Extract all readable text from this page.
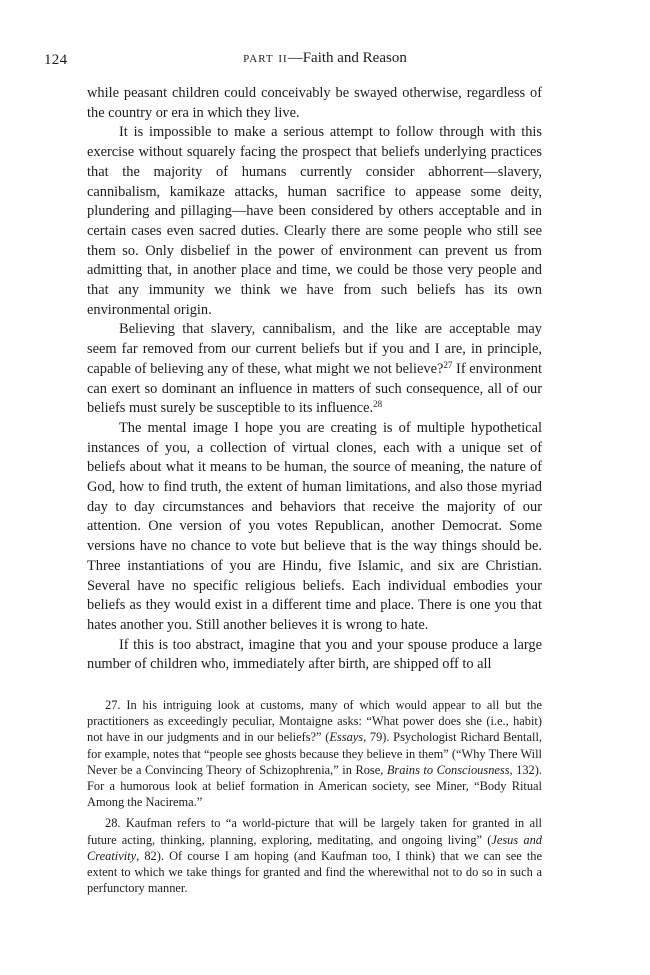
124	part ii—Faith and Reason

while peasant children could conceivably be swayed otherwise, regardless of the country or era in which they live.

It is impossible to make a serious attempt to follow through with this exercise without squarely facing the prospect that beliefs underlying practices that the majority of humans currently consider abhorrent—slavery, cannibalism, kamikaze attacks, human sacrifice to appease some deity, plundering and pillaging—have been considered by others acceptable and in certain cases even sacred duties. Clearly there are some people who still see them so. Only disbelief in the power of environment can prevent us from admitting that, in another place and time, we could be those very people and that any immunity we think we have from such beliefs has its own environmental origin.

Believing that slavery, cannibalism, and the like are acceptable may seem far removed from our current beliefs but if you and I are, in principle, capable of believing any of these, what might we not believe?$^{27}$ If environment can exert so dominant an influence in matters of such consequence, all of our beliefs must surely be susceptible to its influence.$^{28}$

The mental image I hope you are creating is of multiple hypothetical instances of you, a collection of virtual clones, each with a unique set of beliefs about what it means to be human, the source of meaning, the nature of God, how to find truth, the extent of human limitations, and also those myriad day to day circumstances and behaviors that receive the majority of our attention. One version of you votes Republican, another Democrat. Some versions have no chance to vote but believe that is the way things should be. Three instantiations of you are Hindu, five Islamic, and six are Christian. Several have no specific religious beliefs. Each individual embodies your beliefs as they would exist in a different time and place. There is one you that hates another you. Still another believes it is wrong to hate.

If this is too abstract, imagine that you and your spouse produce a large number of children who, immediately after birth, are shipped off to all

27. In his intriguing look at customs, many of which would appear to all but the practitioners as exceedingly peculiar, Montaigne asks: “What power does she (i.e., habit) not have in our judgments and in our beliefs?” (Essays, 79). Psychologist Richard Bentall, for example, notes that “people see ghosts because they believe in them” (“Why There Will Never be a Convincing Theory of Schizophrenia,” in Rose, Brains to Consciousness, 132). For a humorous look at belief formation in American society, see Miner, “Body Ritual Among the Nacirema.”

28. Kaufman refers to “a world-picture that will be largely taken for granted in all future acting, thinking, planning, exploring, meditating, and ongoing living” (Jesus and Creativity, 82). Of course I am hoping (and Kaufman too, I think) that we can see the extent to which we take things for granted and find the wherewithal not to do so in such a perfunctory manner.
